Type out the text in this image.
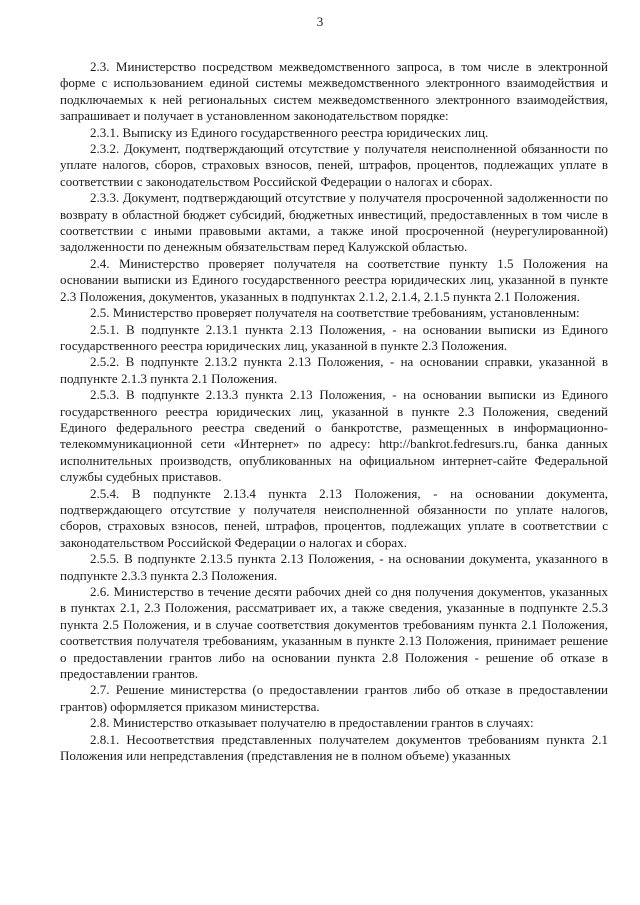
3

2.3. Министерство посредством межведомственного запроса, в том числе в электронной форме с использованием единой системы межведомственного электронного взаимодействия и подключаемых к ней региональных систем межведомственного электронного взаимодействия, запрашивает и получает в установленном законодательством порядке:

2.3.1. Выписку из Единого государственного реестра юридических лиц.

2.3.2. Документ, подтверждающий отсутствие у получателя неисполненной обязанности по уплате налогов, сборов, страховых взносов, пеней, штрафов, процентов, подлежащих уплате в соответствии с законодательством Российской Федерации о налогах и сборах.

2.3.3. Документ, подтверждающий отсутствие у получателя просроченной задолженности по возврату в областной бюджет субсидий, бюджетных инвестиций, предоставленных в том числе в соответствии с иными правовыми актами, а также иной просроченной (неурегулированной) задолженности по денежным обязательствам перед Калужской областью.

2.4. Министерство проверяет получателя на соответствие пункту 1.5 Положения на основании выписки из Единого государственного реестра юридических лиц, указанной в пункте 2.3 Положения, документов, указанных в подпунктах 2.1.2, 2.1.4, 2.1.5 пункта 2.1 Положения.

2.5. Министерство проверяет получателя на соответствие требованиям, установленным:

2.5.1. В подпункте 2.13.1 пункта 2.13 Положения, - на основании выписки из Единого государственного реестра юридических лиц, указанной в пункте 2.3 Положения.

2.5.2. В подпункте 2.13.2 пункта 2.13 Положения, - на основании справки, указанной в подпункте 2.1.3 пункта 2.1 Положения.

2.5.3. В подпункте 2.13.3 пункта 2.13 Положения, - на основании выписки из Единого государственного реестра юридических лиц, указанной в пункте 2.3 Положения, сведений Единого федерального реестра сведений о банкротстве, размещенных в информационно-телекоммуникационной сети «Интернет» по адресу: http://bankrot.fedresurs.ru, банка данных исполнительных производств, опубликованных на официальном интернет-сайте Федеральной службы судебных приставов.

2.5.4. В подпункте 2.13.4 пункта 2.13 Положения, - на основании документа, подтверждающего отсутствие у получателя неисполненной обязанности по уплате налогов, сборов, страховых взносов, пеней, штрафов, процентов, подлежащих уплате в соответствии с законодательством Российской Федерации о налогах и сборах.

2.5.5. В подпункте 2.13.5 пункта 2.13 Положения, - на основании документа, указанного в подпункте 2.3.3 пункта 2.3 Положения.

2.6. Министерство в течение десяти рабочих дней со дня получения документов, указанных в пунктах 2.1, 2.3 Положения, рассматривает их, а также сведения, указанные в подпункте 2.5.3 пункта 2.5 Положения, и в случае соответствия документов требованиям пункта 2.1 Положения, соответствия получателя требованиям, указанным в пункте 2.13 Положения, принимает решение о предоставлении грантов либо на основании пункта 2.8 Положения - решение об отказе в предоставлении грантов.

2.7. Решение министерства (о предоставлении грантов либо об отказе в предоставлении грантов) оформляется приказом министерства.

2.8. Министерство отказывает получателю в предоставлении грантов в случаях:

2.8.1. Несоответствия представленных получателем документов требованиям пункта 2.1 Положения или непредставления (представления не в полном объеме) указанных
